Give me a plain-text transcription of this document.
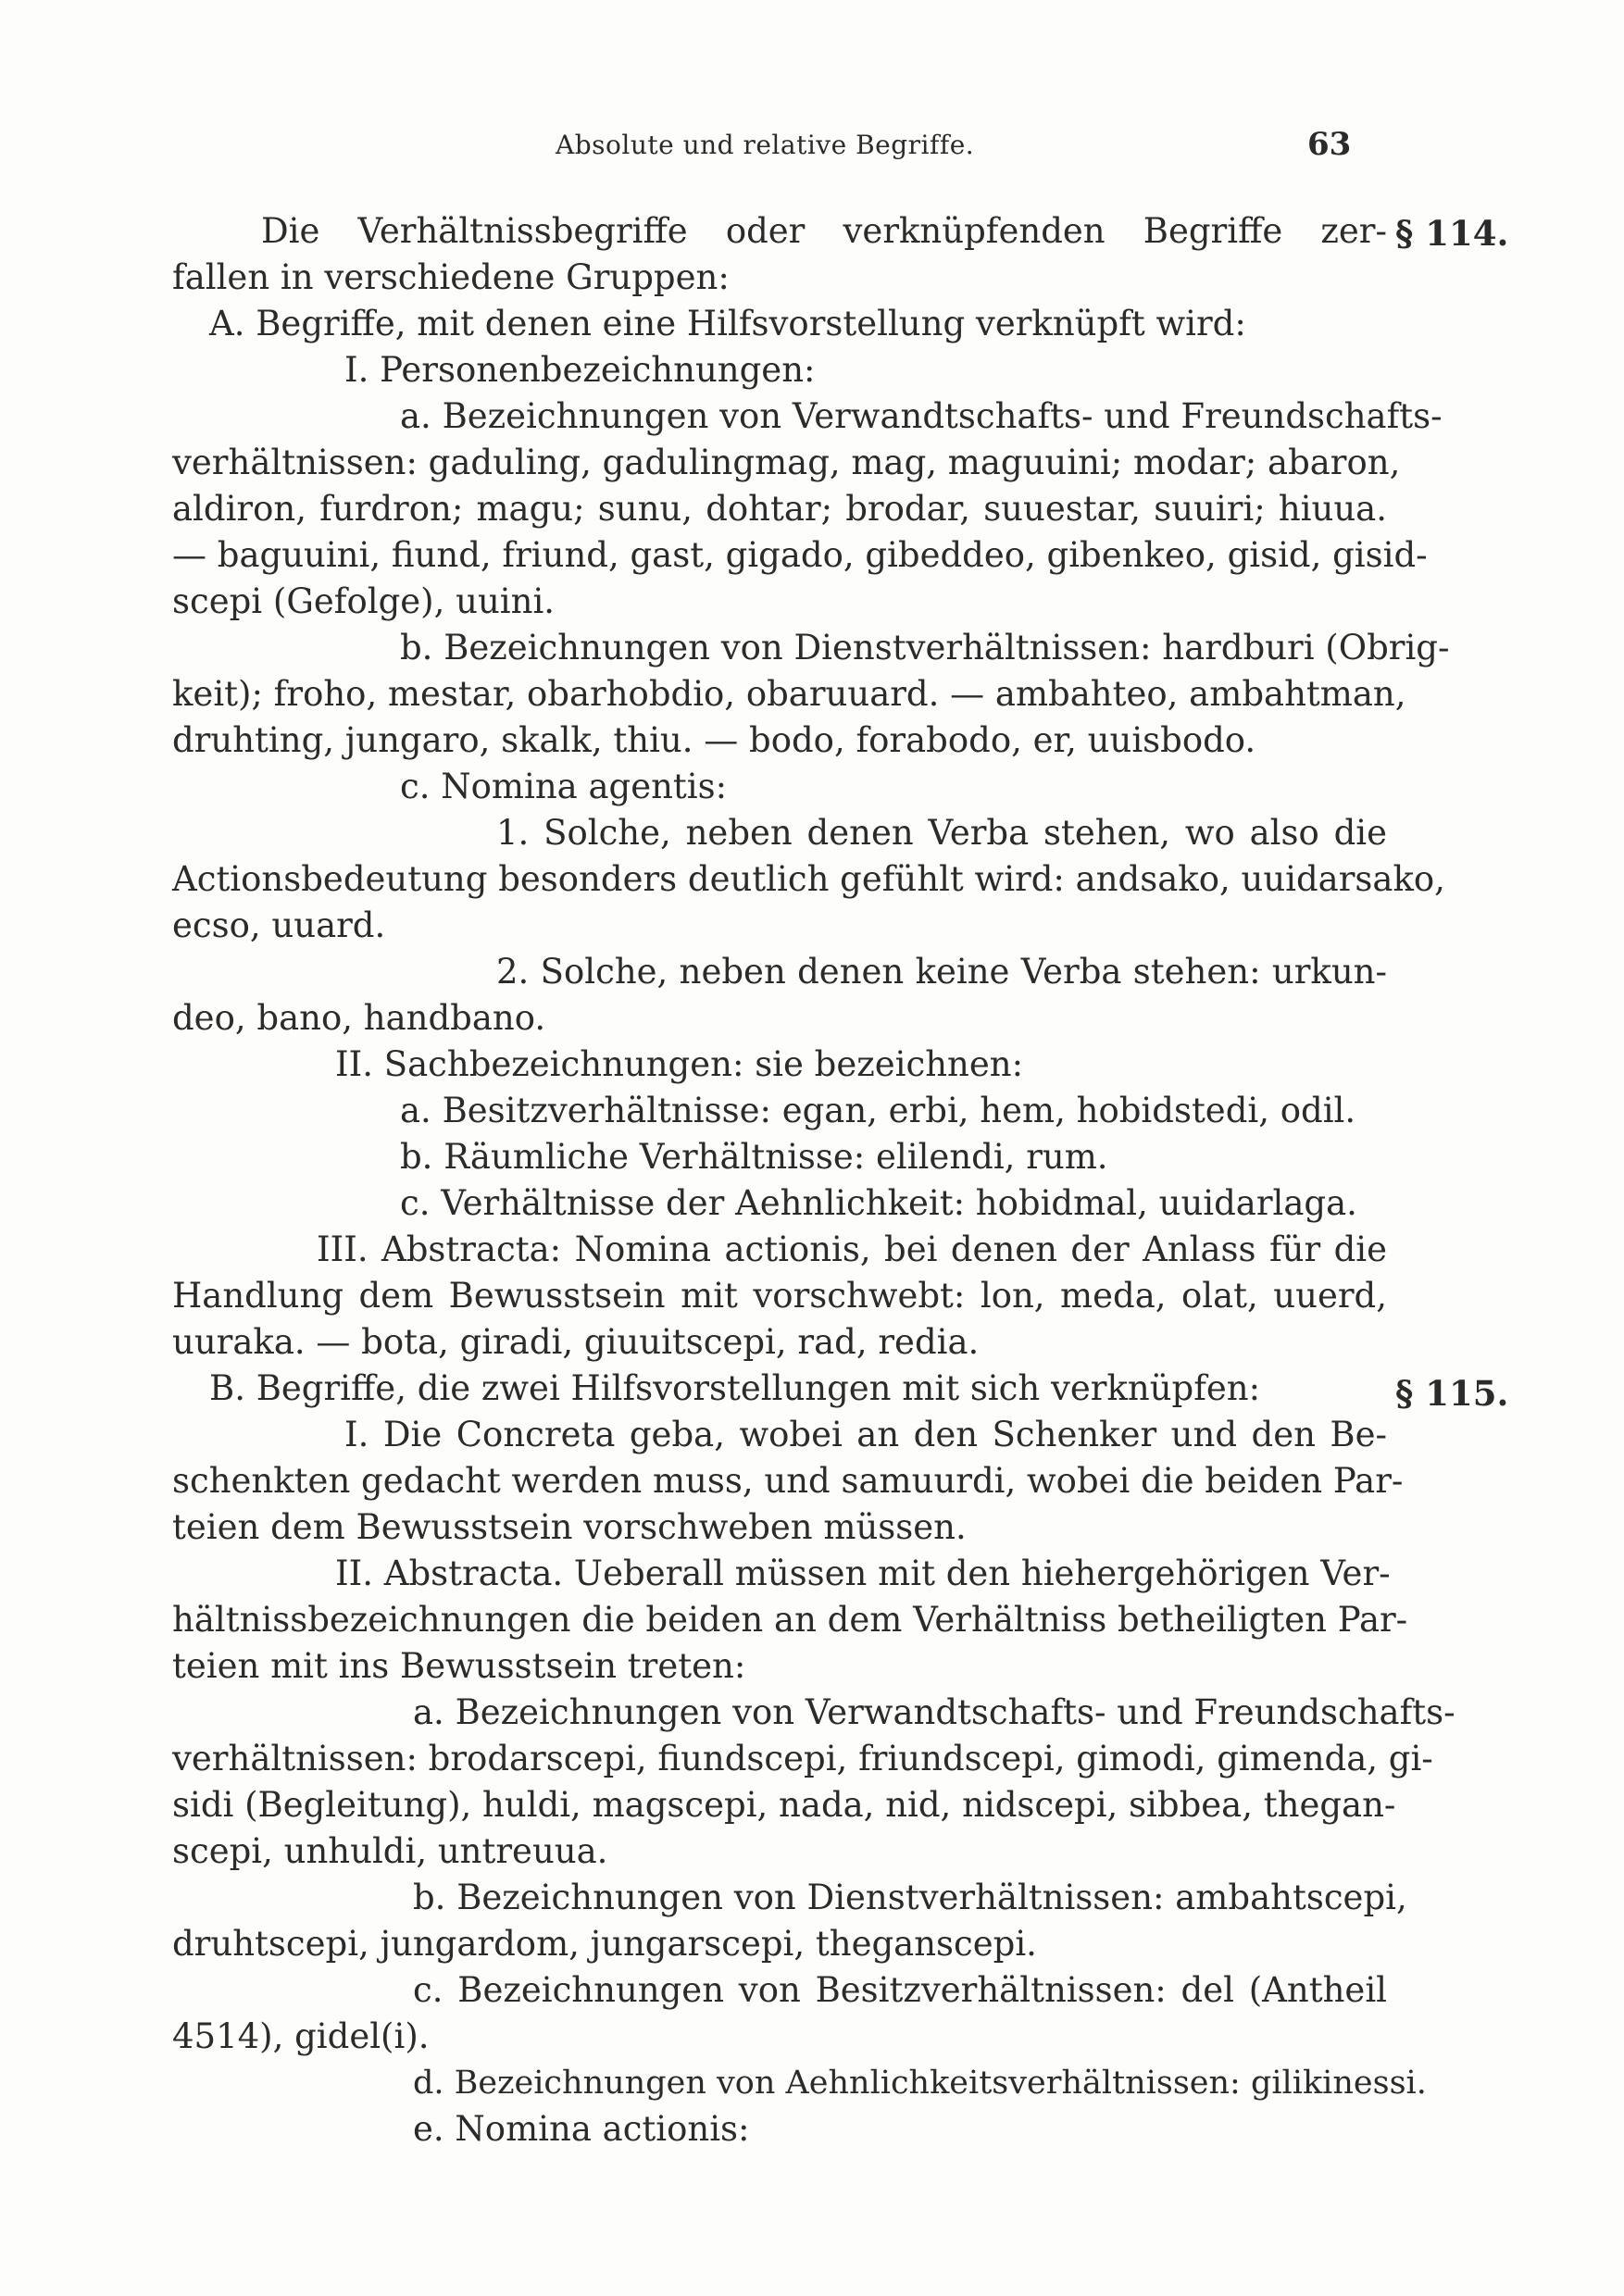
Absolute und relative Begriffe.	63
§ 114.
§ 115.
Die Verhältnissbegriffe oder verknüpfenden Begriffe zer-
fallen in verschiedene Gruppen:
A. Begriffe, mit denen eine Hilfsvorstellung verknüpft wird:
I. Personenbezeichnungen:
a. Bezeichnungen von Verwandtschafts- und Freundschafts-
verhältnissen: gaduling, gadulingmag, mag, maguuini; modar; abaron,
aldiron, furdron; magu; sunu, dohtar; brodar, suuestar, suuiri; hiuua.
— baguuini, fiund, friund, gast, gigado, gibeddeo, gibenkeo, gisid, gisid-
scepi (Gefolge), uuini.
b. Bezeichnungen von Dienstverhältnissen: hardburi (Obrig-
keit); froho, mestar, obarhobdio, obaruuard. — ambahteo, ambahtman,
druhting, jungaro, skalk, thiu. — bodo, forabodo, er, uuisbodo.
c. Nomina agentis:
1. Solche, neben denen Verba stehen, wo also die
Actionsbedeutung besonders deutlich gefühlt wird: andsako, uuidarsako,
ecso, uuard.
2. Solche, neben denen keine Verba stehen: urkun-
deo, bano, handbano.
II. Sachbezeichnungen: sie bezeichnen:
a. Besitzverhältnisse: egan, erbi, hem, hobidstedi, odil.
b. Räumliche Verhältnisse: elilendi, rum.
c. Verhältnisse der Aehnlichkeit: hobidmal, uuidarlaga.
III. Abstracta: Nomina actionis, bei denen der Anlass für die
Handlung dem Bewusstsein mit vorschwebt: lon, meda, olat, uuerd,
uuraka. — bota, giradi, giuuitscepi, rad, redia.
B. Begriffe, die zwei Hilfsvorstellungen mit sich verknüpfen:
I. Die Concreta geba, wobei an den Schenker und den Be-
schenkten gedacht werden muss, und samuurdi, wobei die beiden Par-
teien dem Bewusstsein vorschweben müssen.
II. Abstracta. Ueberall müssen mit den hiehergehörigen Ver-
hältnissbezeichnungen die beiden an dem Verhältniss betheiligten Par-
teien mit ins Bewusstsein treten:
a. Bezeichnungen von Verwandtschafts- und Freundschafts-
verhältnissen: brodarscepi, fiundscepi, friundscepi, gimodi, gimenda, gi-
sidi (Begleitung), huldi, magscepi, nada, nid, nidscepi, sibbea, thegan-
scepi, unhuldi, untreuua.
b. Bezeichnungen von Dienstverhältnissen: ambahtscepi,
druhtscepi, jungardom, jungarscepi, theganscepi.
c. Bezeichnungen von Besitzverhältnissen: del (Antheil
4514), gidel(i).
d. Bezeichnungen von Aehnlichkeitsverhältnissen: gilikinessi.
e. Nomina actionis:
